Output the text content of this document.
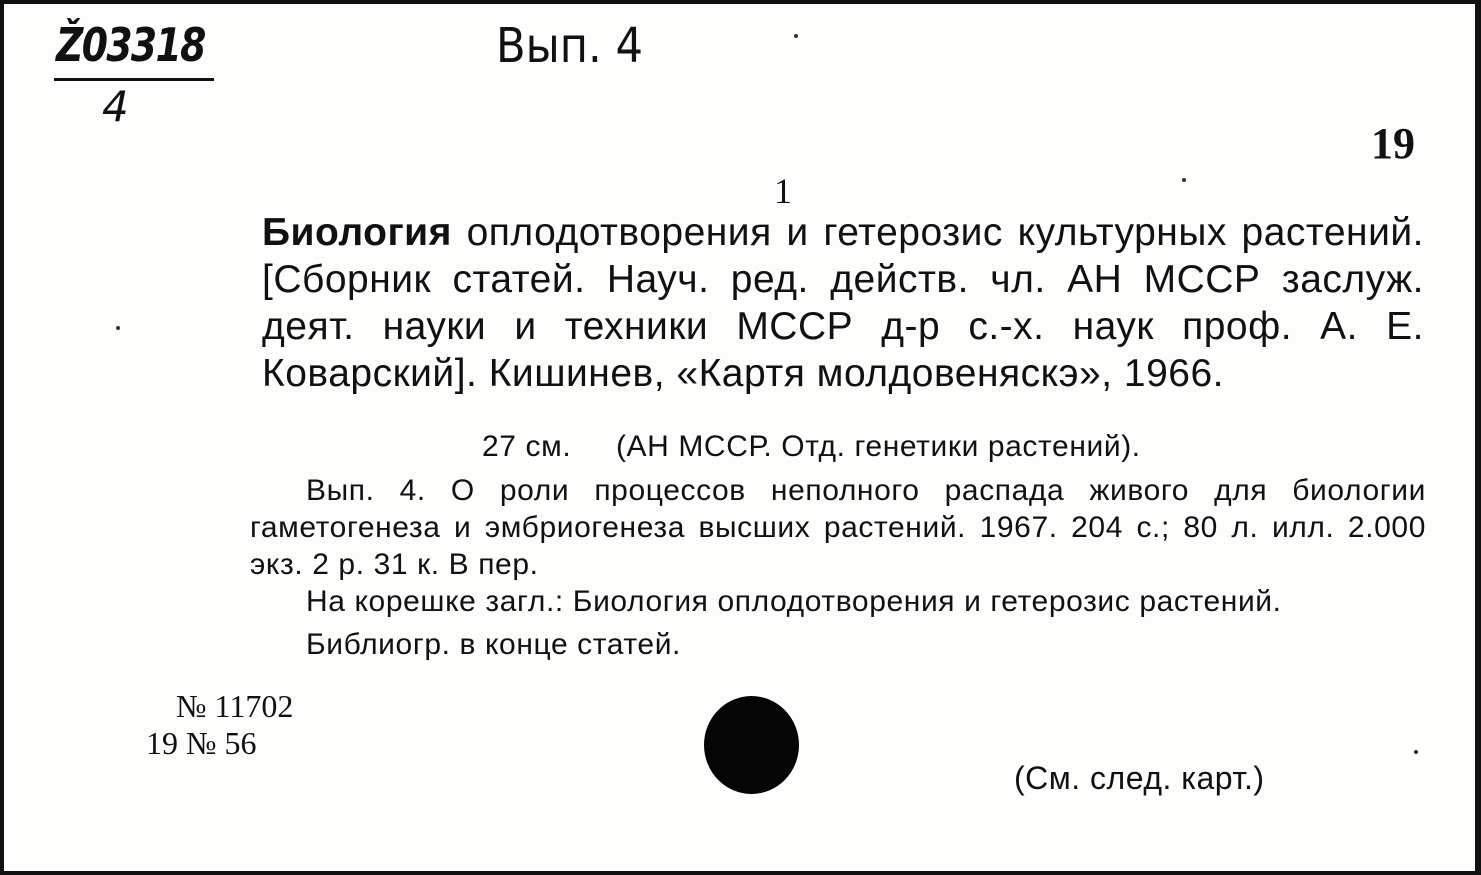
Ž03318
4
Вып. 4
19
1

Биология оплодотворения и гетерозис культурных растений. [Сборник статей. Науч. ред. действ. чл. АН МССР заслуж. деят. науки и техники МССР д-р с.-х. наук проф. А. Е. Коварский]. Кишинев, «Картя молдовеняскэ», 1966.

27 см.     (АН МССР. Отд. генетики растений).

Вып. 4. О роли процессов неполного распада живого для биологии гаметогенеза и эмбриогенеза высших растений. 1967. 204 с.; 80 л. илл. 2.000 экз. 2 р. 31 к. В пер.

На корешке загл.: Биология оплодотворения и гетерозис растений.

Библиогр. в конце статей.

№ 11702
19 № 56
(См. след. карт.)
